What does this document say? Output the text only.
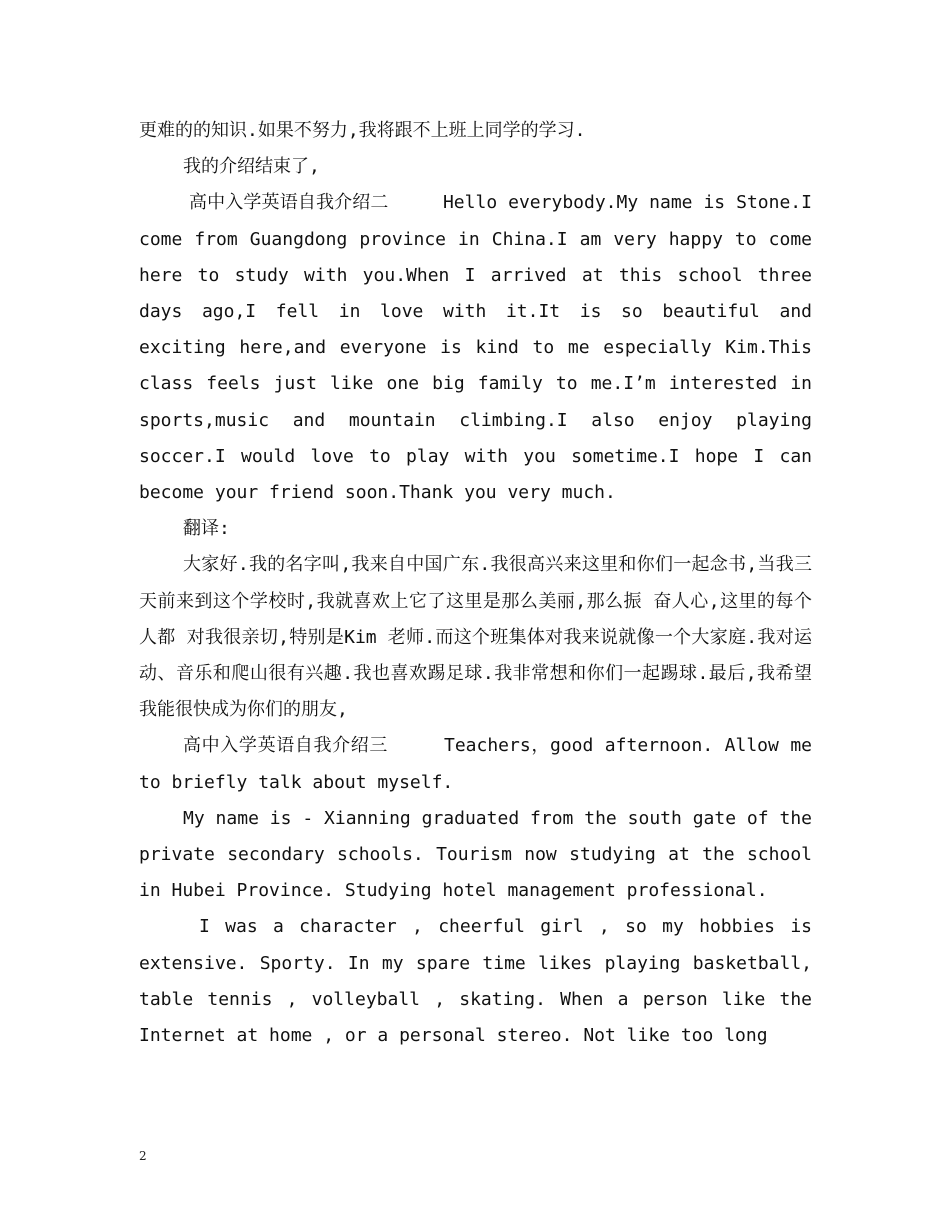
更难的的知识.如果不努力,我将跟不上班上同学的学习.

我的介绍结束了,

高中入学英语自我介绍二　　　Hello everybody.My name is Stone.I come from Guangdong province in China.I am very happy to come here to study with you.When I arrived at this school three days ago,I fell in love with it.It is so beautiful and exciting here,and everyone is kind to me especially Kim.This class feels just like one big family to me.I’m interested in sports,music and mountain climbing.I also enjoy playing soccer.I would love to play with you sometime.I hope I can become your friend soon.Thank you very much.

翻译:

大家好.我的名字叫,我来自中国广东.我很高兴来这里和你们一起念书,当我三天前来到这个学校时,我就喜欢上它了这里是那么美丽,那么振 奋人心,这里的每个人都 对我很亲切,特别是Kim 老师.而这个班集体对我来说就像一个大家庭.我对运动、音乐和爬山很有兴趣.我也喜欢踢足球.我非常想和你们一起踢球.最后,我希望我能很快成为你们的朋友,

高中入学英语自我介绍三　　　Teachers，good afternoon. Allow me to briefly talk about myself.

My name is - Xianning graduated from the south gate of the private secondary schools. Tourism now studying at the school in Hubei Province. Studying hotel management professional.

I was a character , cheerful girl , so my hobbies is extensive. Sporty. In my spare time likes playing basketball, table tennis , volleyball , skating. When a person like the Internet at home , or a personal stereo. Not like too long

2
